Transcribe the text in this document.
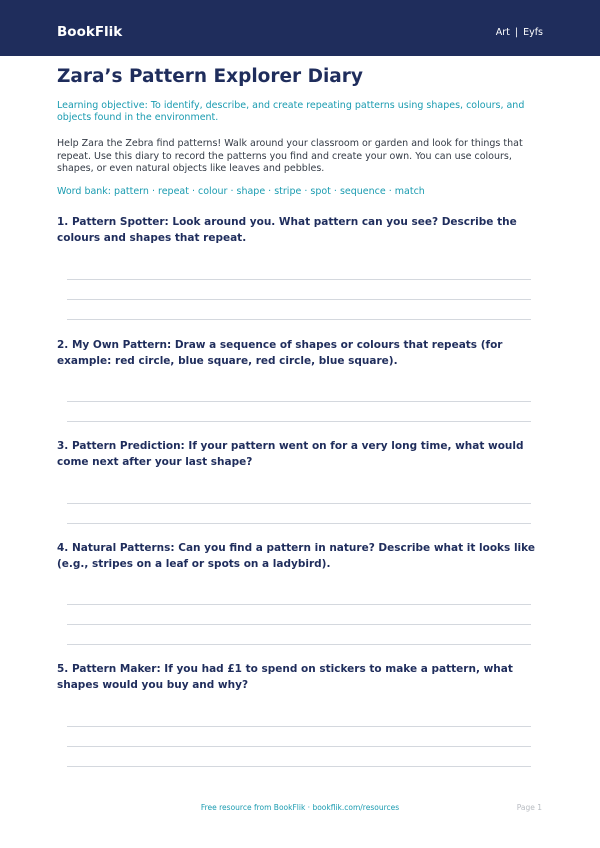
BookFlik	Art | Eyfs
Zara’s Pattern Explorer Diary

Learning objective: To identify, describe, and create repeating patterns using shapes, colours, and objects found in the environment.

Help Zara the Zebra find patterns! Walk around your classroom or garden and look for things that repeat. Use this diary to record the patterns you find and create your own. You can use colours, shapes, or even natural objects like leaves and pebbles.

Word bank: pattern · repeat · colour · shape · stripe · spot · sequence · match

1. Pattern Spotter: Look around you. What pattern can you see? Describe the colours and shapes that repeat.

2. My Own Pattern: Draw a sequence of shapes or colours that repeats (for example: red circle, blue square, red circle, blue square).

3. Pattern Prediction: If your pattern went on for a very long time, what would come next after your last shape?

4. Natural Patterns: Can you find a pattern in nature? Describe what it looks like (e.g., stripes on a leaf or spots on a ladybird).

5. Pattern Maker: If you had £1 to spend on stickers to make a pattern, what shapes would you buy and why?

Free resource from BookFlik · bookflik.com/resources	Page 1
